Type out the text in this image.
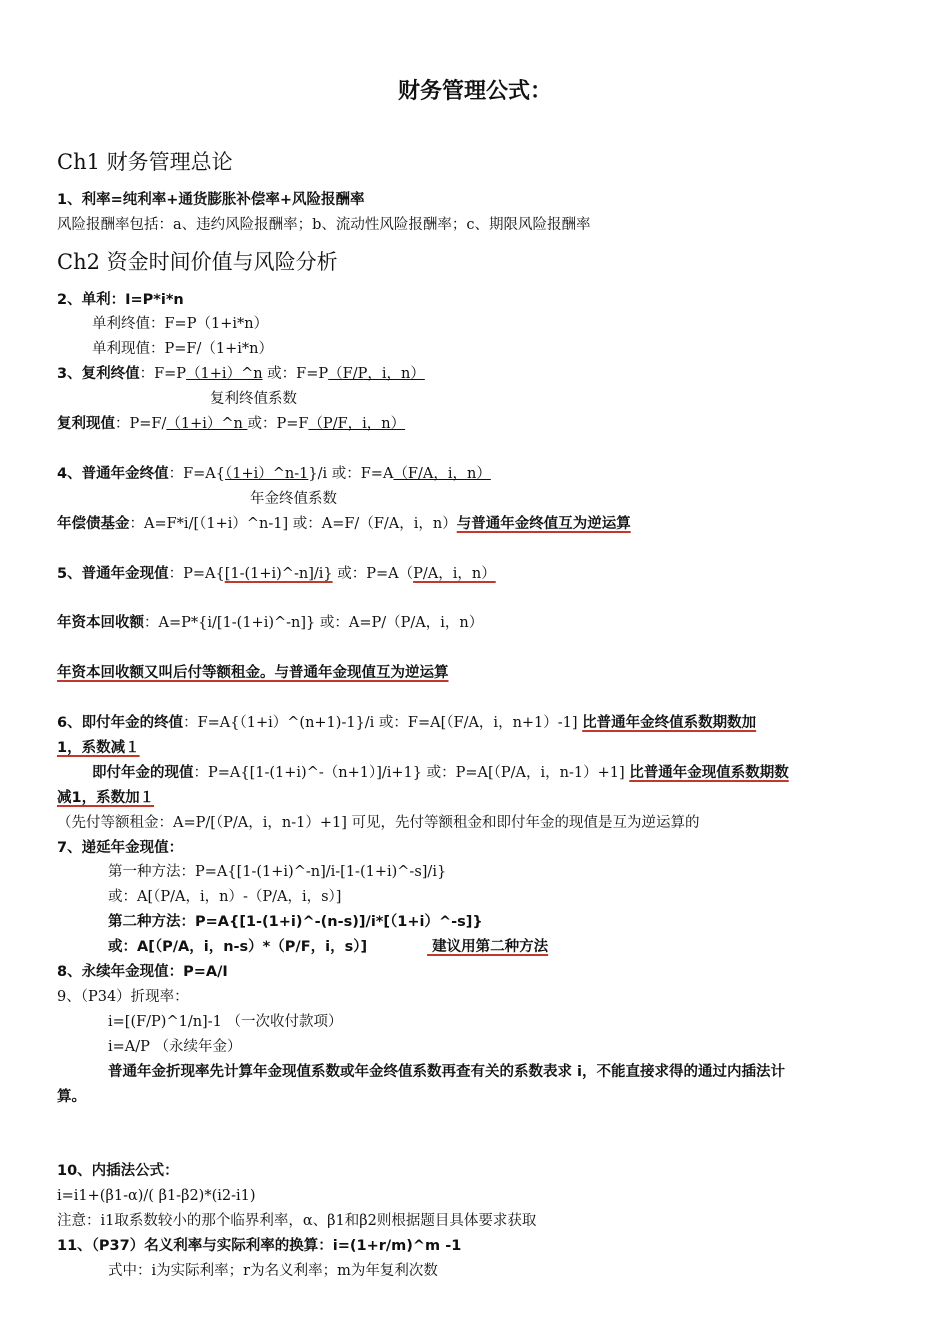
财务管理公式：
Ch1 财务管理总论
1、利率=纯利率+通货膨胀补偿率+风险报酬率
风险报酬率包括：a、违约风险报酬率；b、流动性风险报酬率；c、期限风险报酬率
Ch2 资金时间价值与风险分析
2、单利：I=P*i*n
单利终值：F=P（1+i*n）
单利现值：P=F/（1+i*n）
3、复利终值：F=P（1+i）^n 或：F=P（F/P，i，n）
复利终值系数
复利现值：P=F/（1+i）^n 或：P=F（P/F，i，n）
4、普通年金终值：F=A{（1+i）^n-1}/i 或：F=A（F/A，i，n）
年金终值系数
年偿债基金：A=F*i/[（1+i）^n-1] 或：A=F/（F/A，i，n）与普通年金终值互为逆运算
5、普通年金现值：P=A{[1-(1+i)^-n]/i} 或：P=A（P/A，i，n）
年资本回收额：A=P*{i/[1-(1+i)^-n]} 或：A=P/（P/A，i，n）
年资本回收额又叫后付等额租金。与普通年金现值互为逆运算
6、即付年金的终值：F=A{（1+i）^(n+1)-1}/i 或：F=A[（F/A，i，n+1）-1] 比普通年金终值系数期数加
1，系数减１
即付年金的现值：P=A{[1-(1+i)^-（n+1）]/i+1} 或：P=A[（P/A，i，n-1）+1] 比普通年金现值系数期数
减1，系数加１
（先付等额租金：A=P/[（P/A，i，n-1）+1] 可见，先付等额租金和即付年金的现值是互为逆运算的
7、递延年金现值：
第一种方法：P=A{[1-(1+i)^-n]/i-[1-(1+i)^-s]/i}
或：A[（P/A，i，n）-（P/A，i，s）]
第二种方法：P=A{[1-(1+i)^-(n-s)]/i*[（1+i）^-s]}
或：A[（P/A，i，n-s）*（P/F，i，s）]	建议用第二种方法
8、永续年金现值：P=A/I
9、（P34）折现率：
i=[(F/P)^1/n]-1 （一次收付款项）
i=A/P （永续年金）
普通年金折现率先计算年金现值系数或年金终值系数再查有关的系数表求 i，不能直接求得的通过内插法计
算。
10、内插法公式：
i=i1+(β1-α)/( β1-β2)*(i2-i1)
注意：i1取系数较小的那个临界利率，α、β1和β2则根据题目具体要求获取
11、（P37）名义利率与实际利率的换算：i=(1+r/m)^m -1
式中：i为实际利率；r为名义利率；m为年复利次数
